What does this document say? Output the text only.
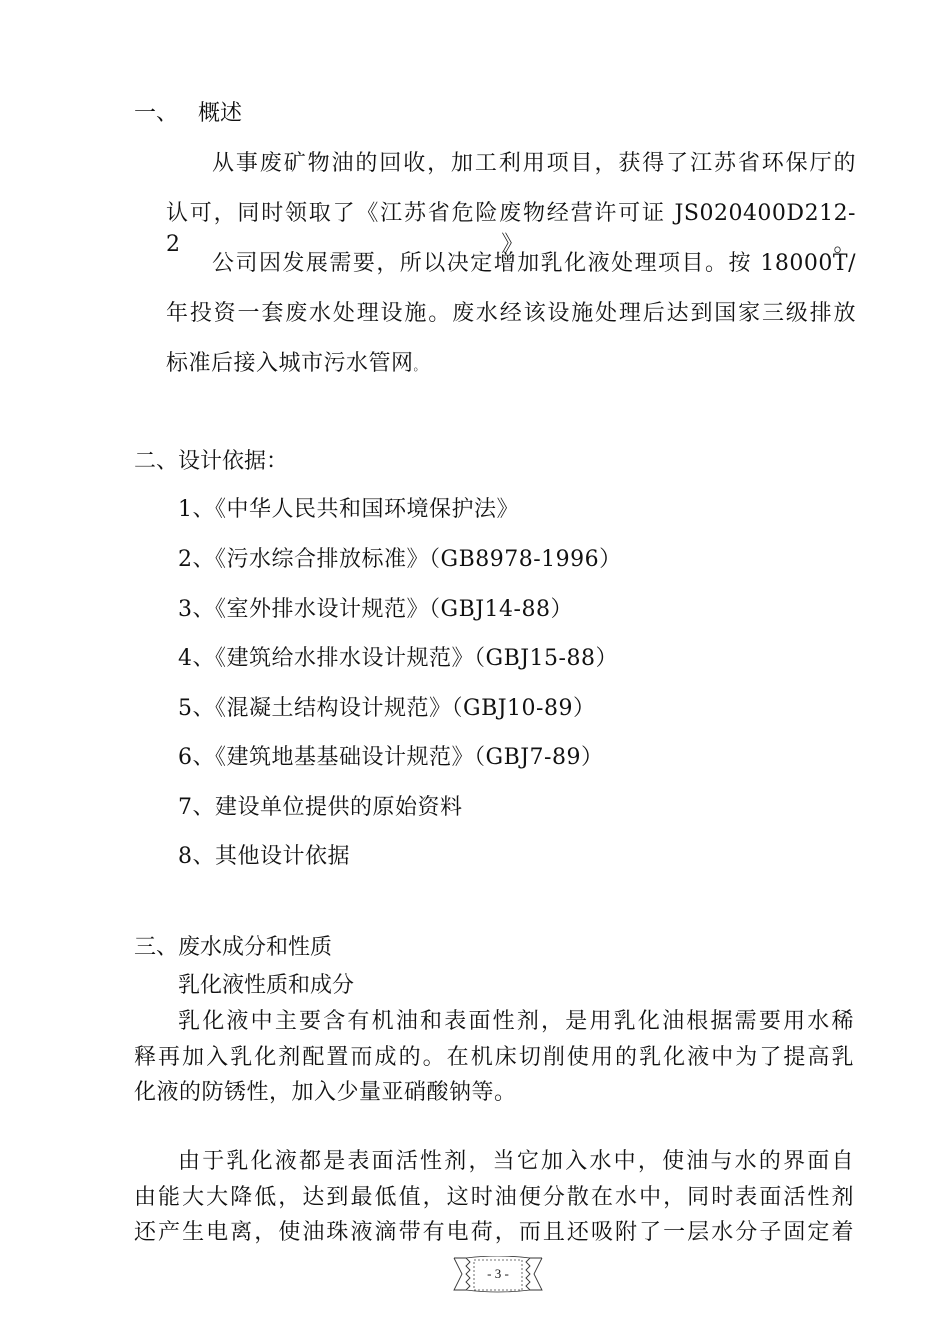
一、 概述
从事废矿物油的回收，加工利用项目，获得了江苏省环保厅的
认可，同时领取了《江苏省危险废物经营许可证 JS020400D212-2》。
公司因发展需要，所以决定增加乳化液处理项目。按 18000T/
年投资一套废水处理设施。废水经该设施处理后达到国家三级排放
标准后接入城市污水管网。
二、设计依据：
1、《中华人民共和国环境保护法》
2、《污水综合排放标准》（GB8978-1996）
3、《室外排水设计规范》（GBJ14-88）
4、《建筑给水排水设计规范》（GBJ15-88）
5、《混凝土结构设计规范》（GBJ10-89）
6、《建筑地基基础设计规范》（GBJ7-89）
7、建设单位提供的原始资料
8、其他设计依据
三、废水成分和性质
乳化液性质和成分
乳化液中主要含有机油和表面性剂，是用乳化油根据需要用水稀
释再加入乳化剂配置而成的。在机床切削使用的乳化液中为了提高乳
化液的防锈性，加入少量亚硝酸钠等。
由于乳化液都是表面活性剂，当它加入水中，使油与水的界面自
由能大大降低，达到最低值，这时油便分散在水中，同时表面活性剂
还产生电离，使油珠液滴带有电荷，而且还吸附了一层水分子固定着
- 3 -
